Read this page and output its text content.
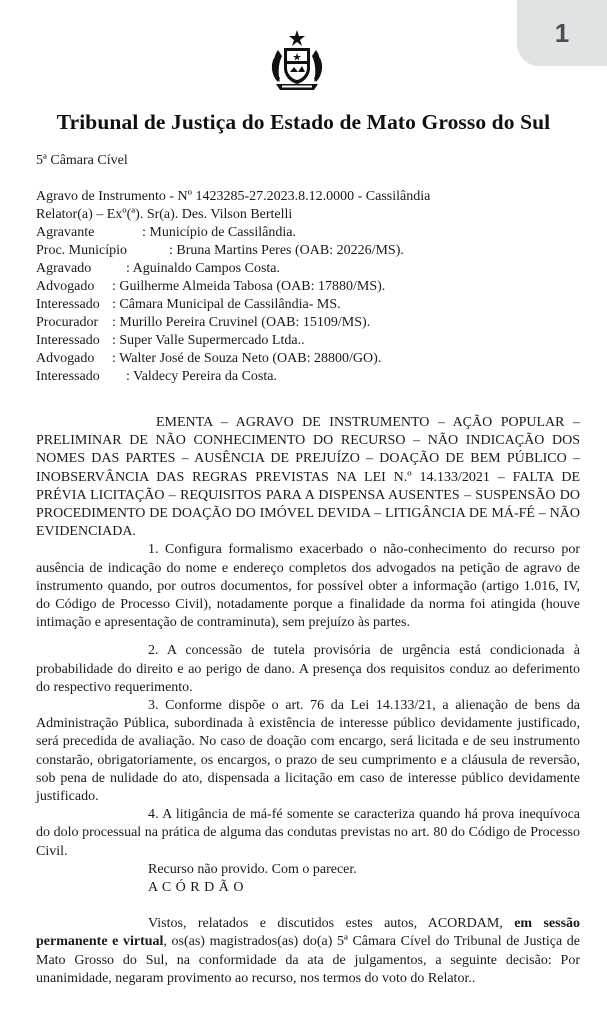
1
Tribunal de Justiça do Estado de Mato Grosso do Sul
5ª Câmara Cível
Agravo de Instrumento - Nº 1423285-27.2023.8.12.0000 - Cassilândia
Relator(a) – Exº(ª). Sr(a). Des. Vilson Bertelli
Agravante	: Município de Cassilândia.
Proc. Município	: Bruna Martins Peres (OAB: 20226/MS).
Agravado : Aguinaldo Campos Costa.
Advogado : Guilherme Almeida Tabosa (OAB: 17880/MS).
Interessado : Câmara Municipal de Cassilândia- MS.
Procurador : Murillo Pereira Cruvinel (OAB: 15109/MS).
Interessado : Super Valle Supermercado Ltda..
Advogado : Walter José de Souza Neto (OAB: 28800/GO).
Interessado : Valdecy Pereira da Costa.

EMENTA – AGRAVO DE INSTRUMENTO – AÇÃO POPULAR – PRELIMINAR DE NÃO CONHECIMENTO DO RECURSO – NÃO INDICAÇÃO DOS NOMES DAS PARTES – AUSÊNCIA DE PREJUÍZO – DOAÇÃO DE BEM PÚBLICO – INOBSERVÂNCIA DAS REGRAS PREVISTAS NA LEI N.º 14.133/2021 – FALTA DE PRÉVIA LICITAÇÃO – REQUISITOS PARA A DISPENSA AUSENTES – SUSPENSÃO DO PROCEDIMENTO DE DOAÇÃO DO IMÓVEL DEVIDA – LITIGÂNCIA DE MÁ-FÉ – NÃO EVIDENCIADA.

1. Configura formalismo exacerbado o não-conhecimento do recurso por ausência de indicação do nome e endereço completos dos advogados na petição de agravo de instrumento quando, por outros documentos, for possível obter a informação (artigo 1.016, IV, do Código de Processo Civil), notadamente porque a finalidade da norma foi atingida (houve intimação e apresentação de contraminuta), sem prejuízo às partes.

2. A concessão de tutela provisória de urgência está condicionada à probabilidade do direito e ao perigo de dano. A presença dos requisitos conduz ao deferimento do respectivo requerimento.

3. Conforme dispõe o art. 76 da Lei 14.133/21, a alienação de bens da Administração Pública, subordinada à existência de interesse público devidamente justificado, será precedida de avaliação. No caso de doação com encargo, será licitada e de seu instrumento constarão, obrigatoriamente, os encargos, o prazo de seu cumprimento e a cláusula de reversão, sob pena de nulidade do ato, dispensada a licitação em caso de interesse público devidamente justificado.

4. A litigância de má-fé somente se caracteriza quando há prova inequívoca do dolo processual na prática de alguma das condutas previstas no art. 80 do Código de Processo Civil.

Recurso não provido. Com o parecer.

A C Ó R D Ã O

Vistos, relatados e discutidos estes autos, ACORDAM, em sessão permanente e virtual, os(as) magistrados(as) do(a) 5ª Câmara Cível do Tribunal de Justiça de Mato Grosso do Sul, na conformidade da ata de julgamentos, a seguinte decisão: Por unanimidade, negaram provimento ao recurso, nos termos do voto do Relator..
